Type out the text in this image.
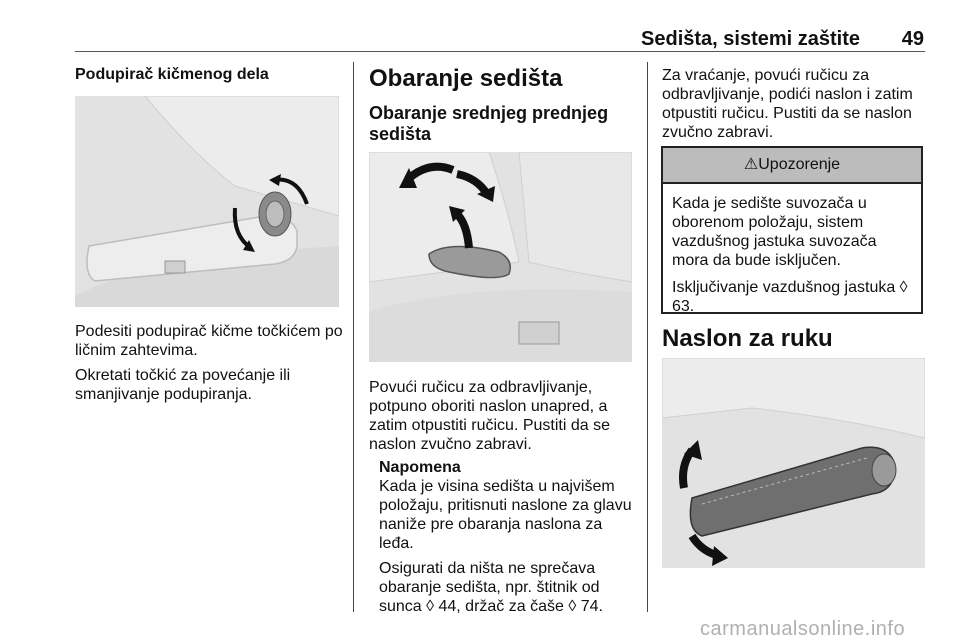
Sedišta, sistemi zaštite	49
Podupirač kičmenog dela

Podesiti podupirač kičme točkićem po ličnim zahtevima.

Okretati točkić za povećanje ili smanjivanje podupiranja.

Obaranje sedišta
Obaranje srednjeg prednjeg sedišta

Povući ručicu za odbravljivanje, potpuno oboriti naslon unapred, a zatim otpustiti ručicu. Pustiti da se naslon zvučno zabravi.

Napomena

Kada je visina sedišta u najvišem položaju, pritisnuti naslone za glavu naniže pre obaranja naslona za leđa.

Osigurati da ništa ne sprečava obaranje sedišta, npr. štitnik od sunca ◊ 44, držač za čaše ◊ 74.

Za vraćanje, povući ručicu za odbravljivanje, podići naslon i zatim otpustiti ručicu. Pustiti da se naslon zvučno zabravi.

⚠Upozorenje

Kada je sedište suvozača u oborenom položaju, sistem vazdušnog jastuka suvozača mora da bude isključen.

Isključivanje vazdušnog jastuka ◊ 63.

Naslon za ruku
carmanualsonline.info
